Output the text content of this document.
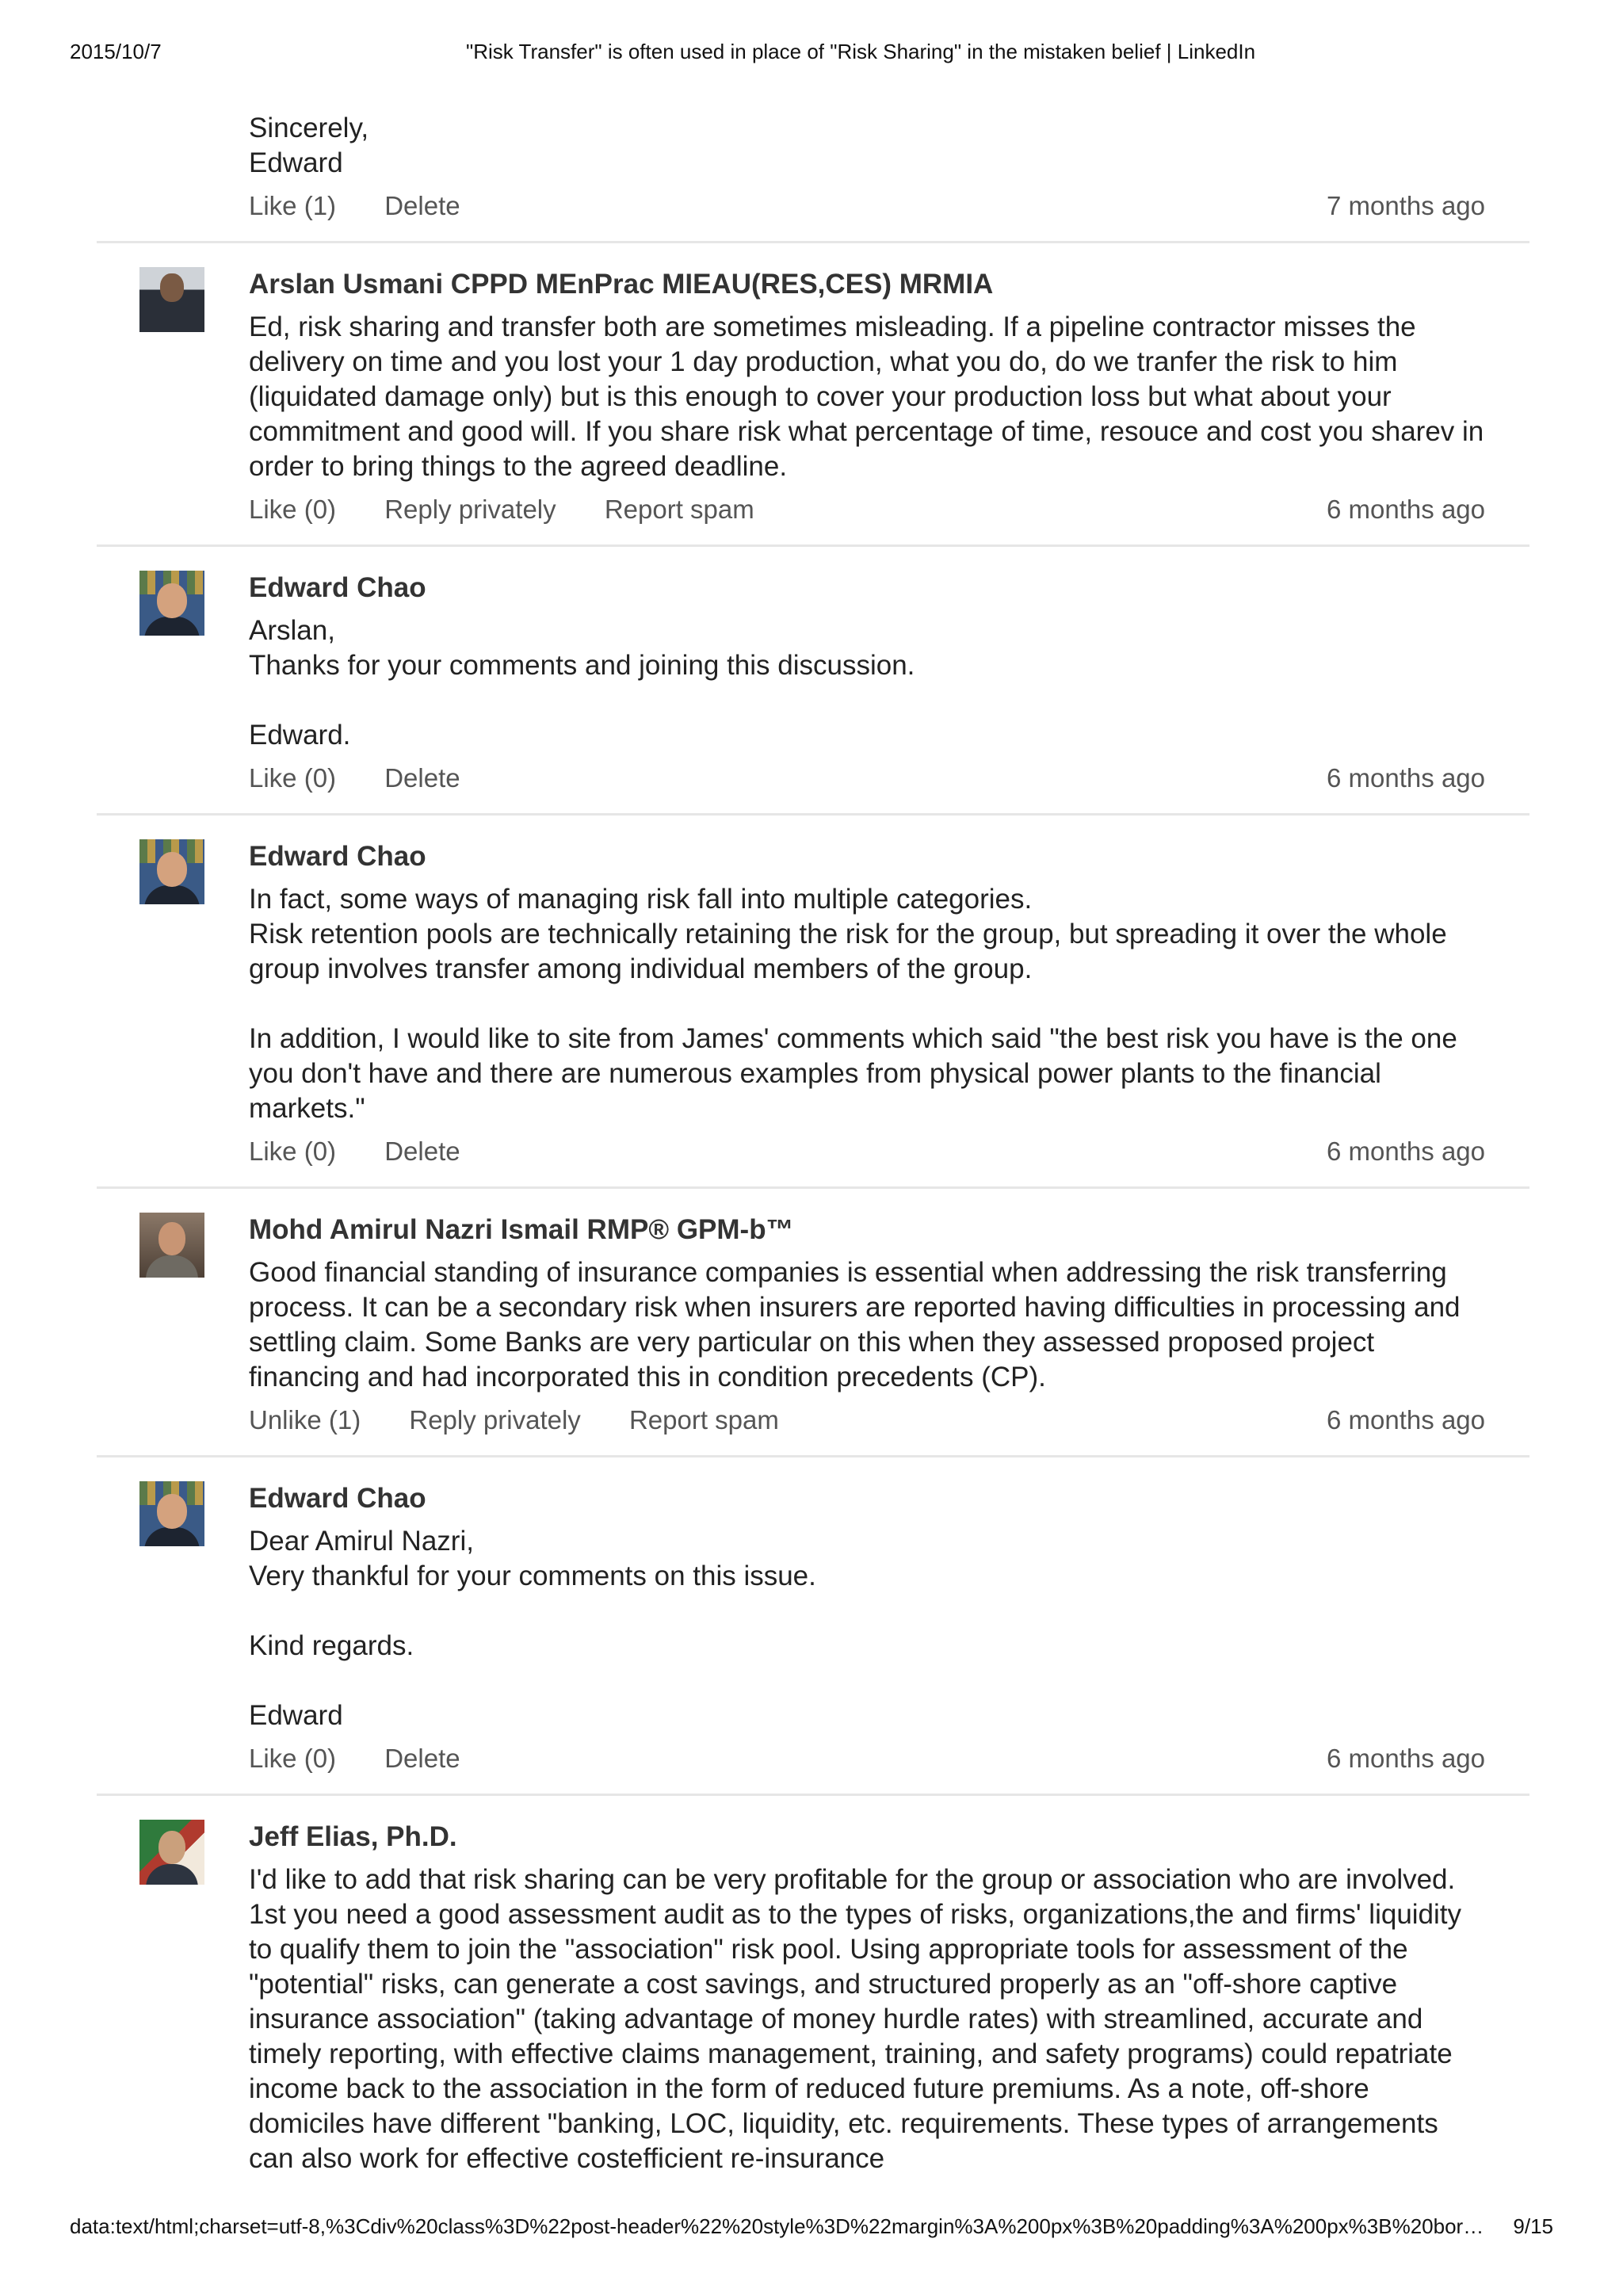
2015/10/7	"Risk Transfer" is often used in place of "Risk Sharing" in the mistaken belief | LinkedIn
Sincerely,
Edward
Like (1) Delete	7 months ago
Arslan Usmani CPPD MEnPrac MIEAU(RES,CES) MRMIA
Ed, risk sharing and transfer both are sometimes misleading. If a pipeline contractor misses the delivery on time and you lost your 1 day production, what you do, do we tranfer the risk to him (liquidated damage only) but is this enough to cover your production loss but what about your commitment and good will. If you share risk what percentage of time, resouce and cost you sharev in order to bring things to the agreed deadline.
Like (0) Reply privately Report spam	6 months ago
Edward Chao
Arslan,
Thanks for your comments and joining this discussion.

Edward.
Like (0) Delete	6 months ago
Edward Chao
In fact, some ways of managing risk fall into multiple categories.
Risk retention pools are technically retaining the risk for the group, but spreading it over the whole group involves transfer among individual members of the group.

In addition, I would like to site from James' comments which said "the best risk you have is the one you don't have and there are numerous examples from physical power plants to the financial markets."
Like (0) Delete	6 months ago
Mohd Amirul Nazri Ismail RMP® GPM-b™
Good financial standing of insurance companies is essential when addressing the risk transferring process. It can be a secondary risk when insurers are reported having difficulties in processing and settling claim. Some Banks are very particular on this when they assessed proposed project financing and had incorporated this in condition precedents (CP).
Unlike (1) Reply privately Report spam	6 months ago
Edward Chao
Dear Amirul Nazri,
Very thankful for your comments on this issue.

Kind regards.

Edward
Like (0) Delete	6 months ago
Jeff Elias, Ph.D.
I'd like to add that risk sharing can be very profitable for the group or association who are involved. 1st you need a good assessment audit as to the types of risks, organizations,the and firms' liquidity to qualify them to join the "association" risk pool. Using appropriate tools for assessment of the "potential" risks, can generate a cost savings, and structured properly as an "off-shore captive insurance association" (taking advantage of money hurdle rates) with streamlined, accurate and timely reporting, with effective claims management, training, and safety programs) could repatriate income back to the association in the form of reduced future premiums. As a note, off-shore domiciles have different "banking, LOC, liquidity, etc. requirements. These types of arrangements can also work for effective costefficient re-insurance
data:text/html;charset=utf-8,%3Cdiv%20class%3D%22post-header%22%20style%3D%22margin%3A%200px%3B%20padding%3A%200px%3B%20bor… 9/15
